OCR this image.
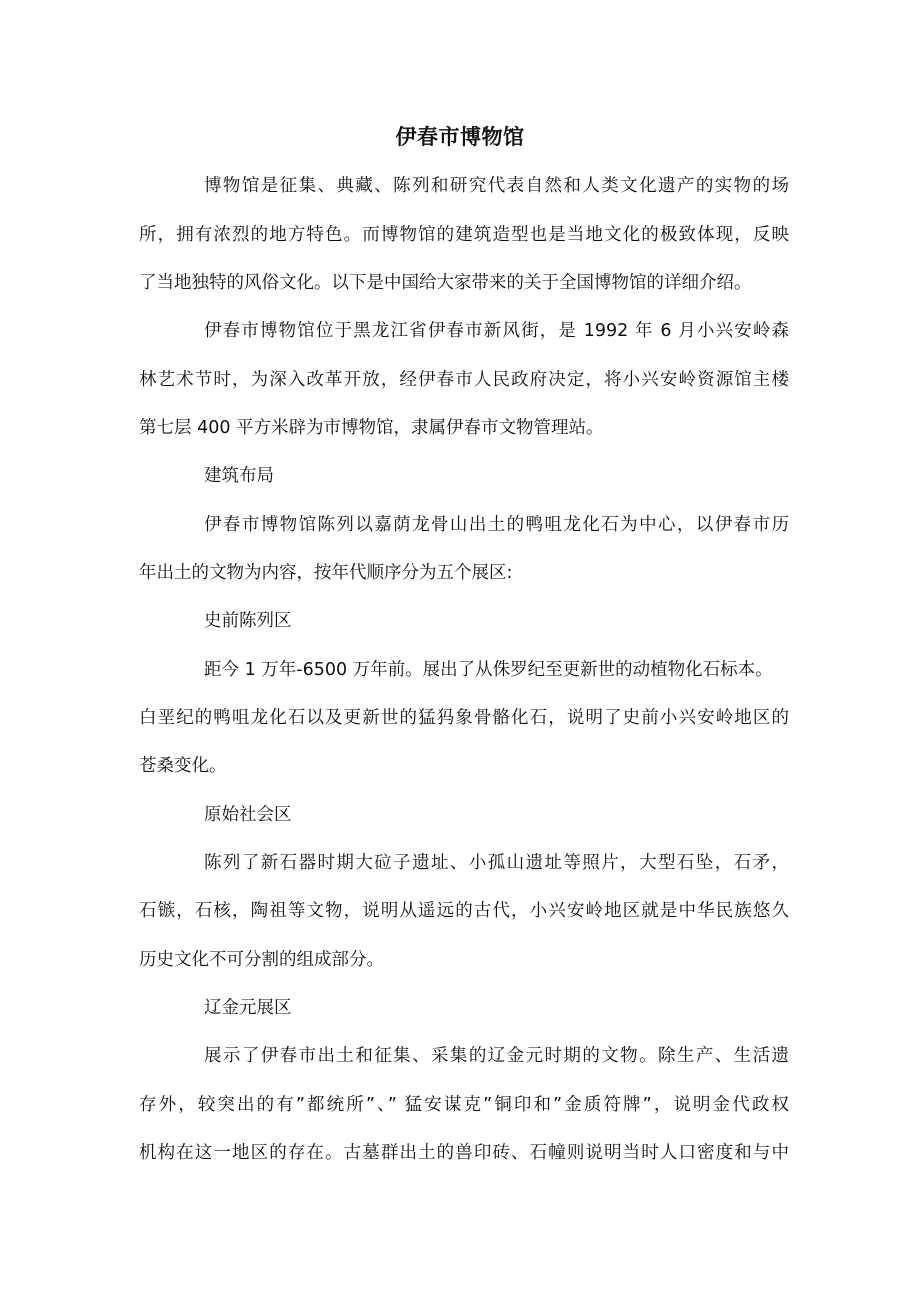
伊春市博物馆
博物馆是征集、典藏、陈列和研究代表自然和人类文化遗产的实物的场
所，拥有浓烈的地方特色。而博物馆的建筑造型也是当地文化的极致体现，反映
了当地独特的风俗文化。以下是中国给大家带来的关于全国博物馆的详细介绍。
伊春市博物馆位于黑龙江省伊春市新风街，是 1992 年 6 月小兴安岭森
林艺术节时，为深入改革开放，经伊春市人民政府决定，将小兴安岭资源馆主楼
第七层 400 平方米辟为市博物馆，隶属伊春市文物管理站。
建筑布局
伊春市博物馆陈列以嘉荫龙骨山出土的鸭咀龙化石为中心，以伊春市历
年出土的文物为内容，按年代顺序分为五个展区:
史前陈列区
距今 1 万年-6500 万年前。展出了从侏罗纪至更新世的动植物化石标本。
白垩纪的鸭咀龙化石以及更新世的猛犸象骨骼化石，说明了史前小兴安岭地区的
苍桑变化。
原始社会区
陈列了新石器时期大砬子遗址、小孤山遗址等照片，大型石坠，石矛，
石镞，石核，陶祖等文物，说明从遥远的古代，小兴安岭地区就是中华民族悠久
历史文化不可分割的组成部分。
辽金元展区
展示了伊春市出土和征集、采集的辽金元时期的文物。除生产、生活遗
存外，较突出的有”都统所”、” 猛安谋克”铜印和”金质符牌”，说明金代政权
机构在这一地区的存在。古墓群出土的兽印砖、石幢则说明当时人口密度和与中
